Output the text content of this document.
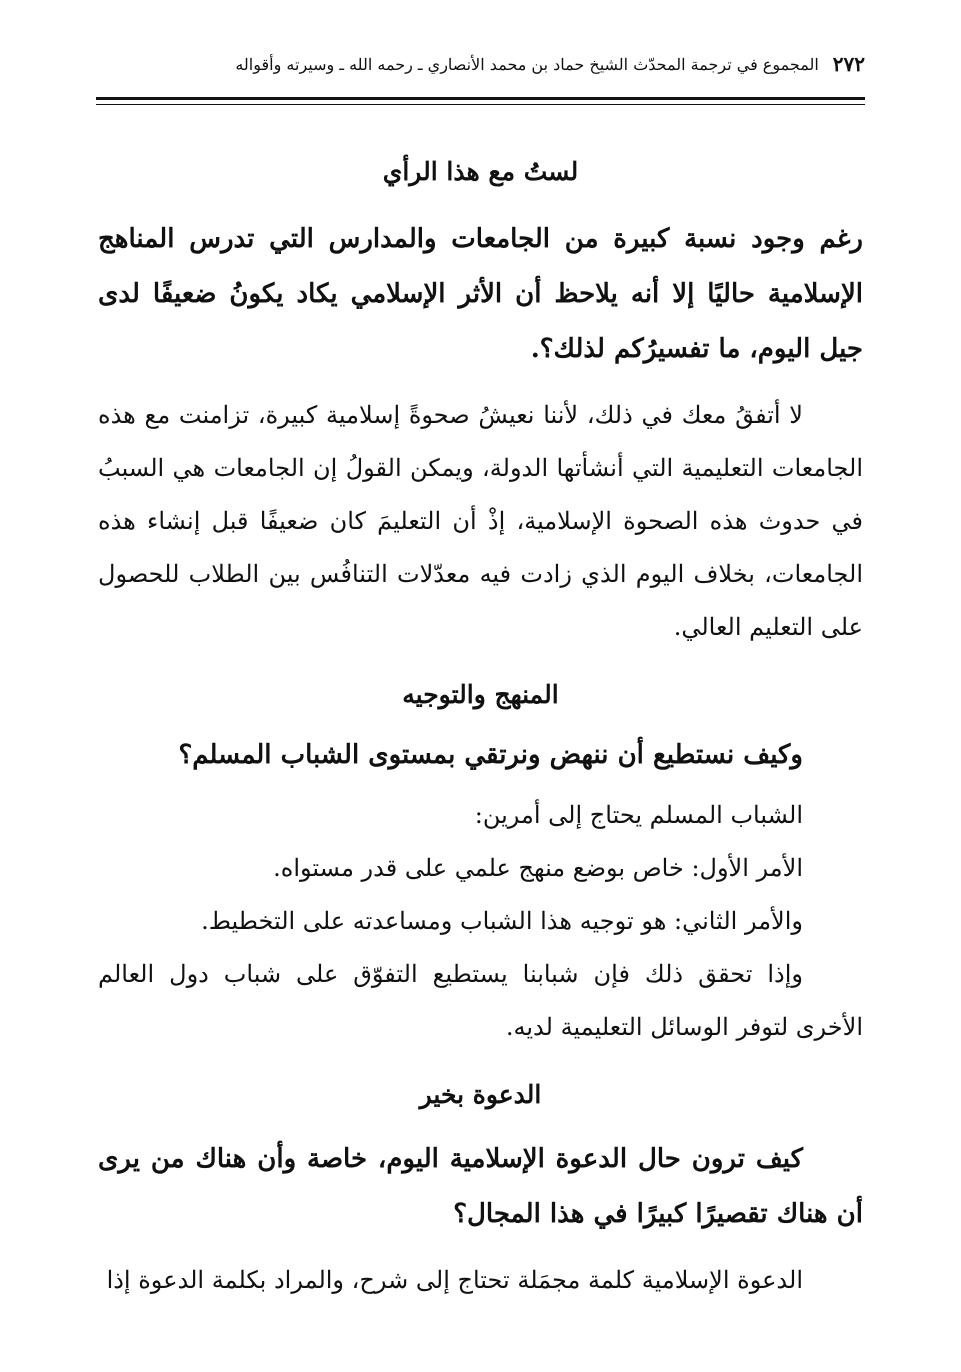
٢٧٢
المجموع في ترجمة المحدّث الشيخ حماد بن محمد الأنصاري ـ رحمه الله ـ وسيرته وأقواله
لستُ مع هذا الرأي

رغم وجود نسبة كبيرة من الجامعات والمدارس التي تدرس المناهج الإسلامية حاليًا إلا أنه يلاحظ أن الأثر الإسلامي يكاد يكونُ ضعيفًا لدى جيل اليوم، ما تفسيرُكم لذلك؟.

لا أتفقُ معك في ذلك، لأننا نعيشُ صحوةً إسلامية كبيرة، تزامنت مع هذه الجامعات التعليمية التي أنشأتها الدولة، ويمكن القولُ إن الجامعات هي السببُ في حدوث هذه الصحوة الإسلامية، إذْ أن التعليمَ كان ضعيفًا قبل إنشاء هذه الجامعات، بخلاف اليوم الذي زادت فيه معدّلات التنافُس بين الطلاب للحصول على التعليم العالي.

المنهج والتوجيه

وكيف نستطيع أن ننهض ونرتقي بمستوى الشباب المسلم؟

الشباب المسلم يحتاج إلى أمرين:

الأمر الأول: خاص بوضع منهج علمي على قدر مستواه.

والأمر الثاني: هو توجيه هذا الشباب ومساعدته على التخطيط.

وإذا تحقق ذلك فإن شبابنا يستطيع التفوّق على شباب دول العالم الأخرى لتوفر الوسائل التعليمية لديه.

الدعوة بخير

كيف ترون حال الدعوة الإسلامية اليوم، خاصة وأن هناك من يرى أن هناك تقصيرًا كبيرًا في هذا المجال؟

الدعوة الإسلامية كلمة مجمَلة تحتاج إلى شرح، والمراد بكلمة الدعوة إذا
